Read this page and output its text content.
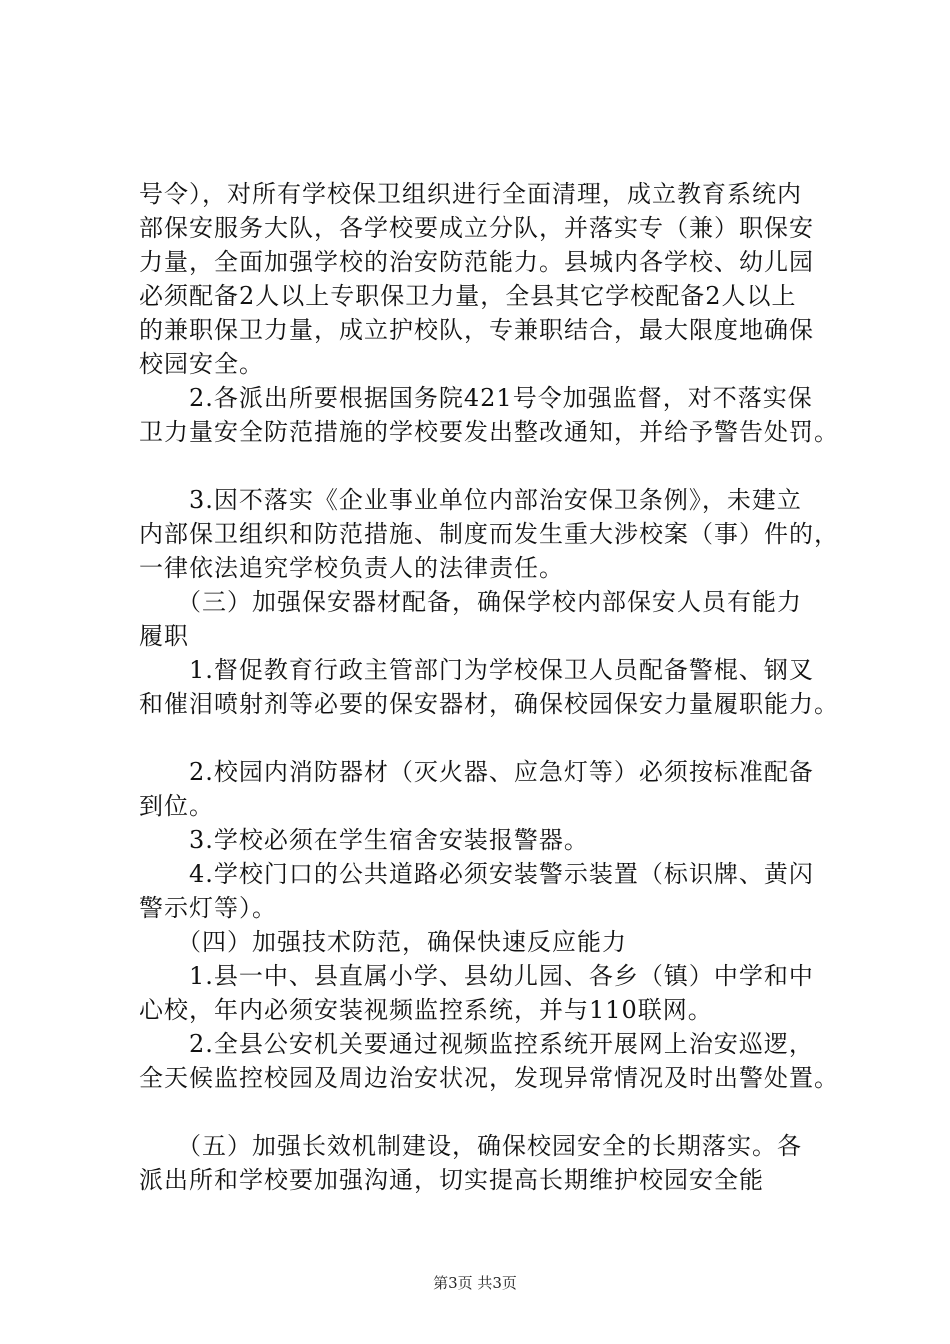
号令），对所有学校保卫组织进行全面清理，成立教育系统内
部保安服务大队，各学校要成立分队，并落实专（兼）职保安
力量，全面加强学校的治安防范能力。县城内各学校、幼儿园
必须配备2人以上专职保卫力量，全县其它学校配备2人以上
的兼职保卫力量，成立护校队，专兼职结合，最大限度地确保
校园安全。
　　2.各派出所要根据国务院421号令加强监督，对不落实保
卫力量安全防范措施的学校要发出整改通知，并给予警告处罚。
　　3.因不落实《企业事业单位内部治安保卫条例》，未建立
内部保卫组织和防范措施、制度而发生重大涉校案（事）件的，
一律依法追究学校负责人的法律责任。
　　（三）加强保安器材配备，确保学校内部保安人员有能力
履职
　　1.督促教育行政主管部门为学校保卫人员配备警棍、钢叉
和催泪喷射剂等必要的保安器材，确保校园保安力量履职能力。
　　2.校园内消防器材（灭火器、应急灯等）必须按标准配备
到位。
　　3.学校必须在学生宿舍安装报警器。
　　4.学校门口的公共道路必须安装警示装置（标识牌、黄闪
警示灯等）。
　　（四）加强技术防范，确保快速反应能力
　　1.县一中、县直属小学、县幼儿园、各乡（镇）中学和中
心校，年内必须安装视频监控系统，并与110联网。
　　2.全县公安机关要通过视频监控系统开展网上治安巡逻，
全天候监控校园及周边治安状况，发现异常情况及时出警处置。
　　（五）加强长效机制建设，确保校园安全的长期落实。各
派出所和学校要加强沟通，切实提高长期维护校园安全能
第3页 共3页
